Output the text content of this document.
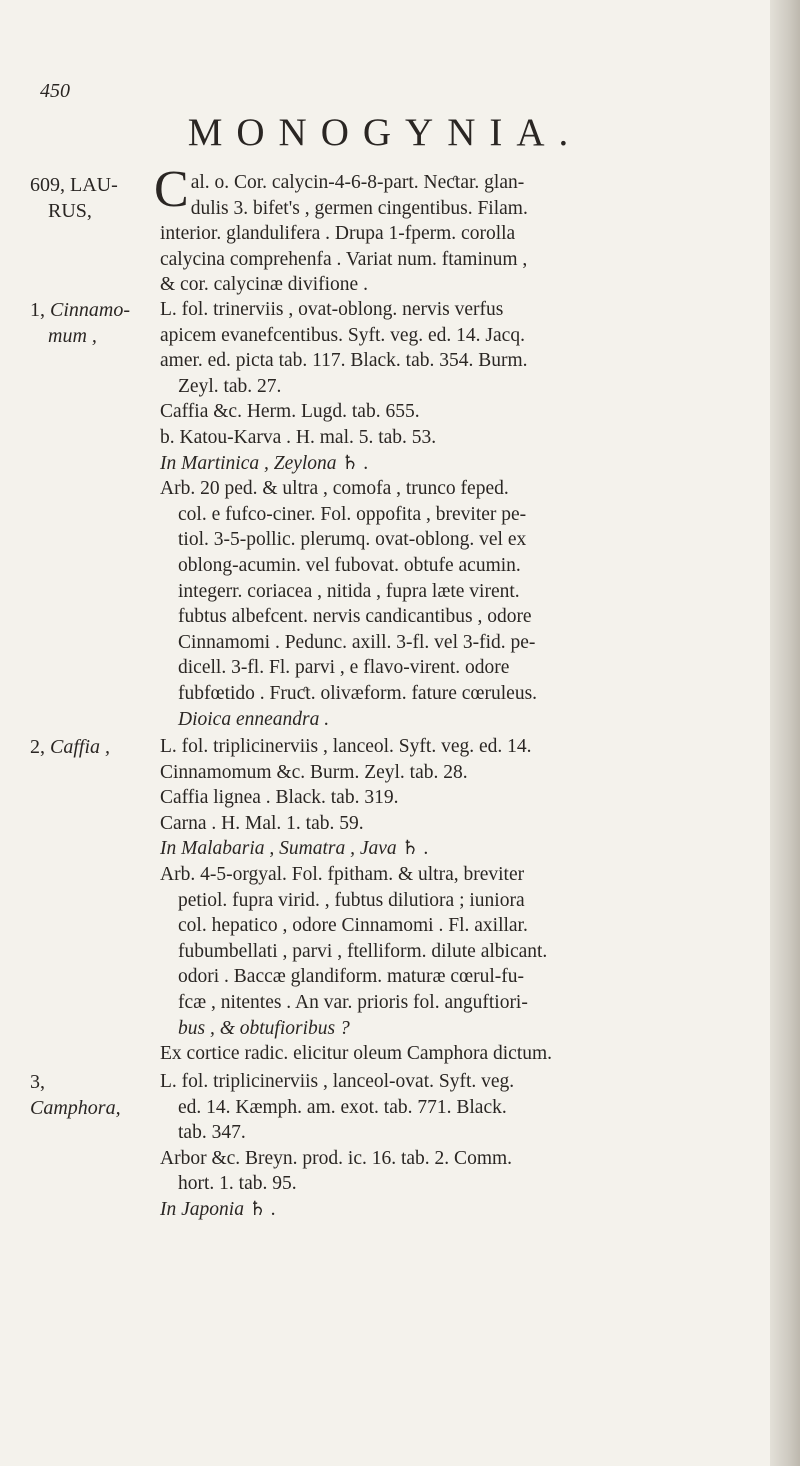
450
MONOGYNIA.
609, LAU-
RUS,	C al. o. Cor. calycin-4-6-8-part. Neƈtar. glan-

dulis 3. bifet's , germen cingentibus. Filam.

interior. glandulifera . Drupa 1-fperm. corolla

calycina comprehenfa . Variat num. ftaminum ,

& cor. calycinæ divifione .

1, Cinnamo-
mum ,

L. fol. trinerviis , ovat-oblong. nervis verfus

apicem evanefcentibus. Syft. veg. ed. 14. Jacq.

amer. ed. picta tab. 117. Black. tab. 354. Burm.

Zeyl. tab. 27.

Caffia &c. Herm. Lugd. tab. 655.

b. Katou-Karva . H. mal. 5. tab. 53.

In Martinica , Zeylona ♄ .

Arb. 20 ped. & ultra , comofa , trunco feped.

col. e fufco-ciner. Fol. oppofita , breviter pe-

tiol. 3-5-pollic. plerumq. ovat-oblong. vel ex

oblong-acumin. vel fubovat. obtufe acumin.

integerr. coriacea , nitida , fupra læte virent.

fubtus albefcent. nervis candicantibus , odore

Cinnamomi . Pedunc. axill. 3-fl. vel 3-fid. pe-

dicell. 3-fl. Fl. parvi , e flavo-virent. odore

fubfœtido . Fruƈt. olivæform. fature cœruleus.

Dioica enneandra .

2, Caffia ,	L. fol. triplicinerviis , lanceol. Syft. veg. ed. 14.

Cinnamomum &c. Burm. Zeyl. tab. 28.

Caffia lignea . Black. tab. 319.

Carna . H. Mal. 1. tab. 59.

In Malabaria , Sumatra , Java ♄ .

Arb. 4-5-orgyal. Fol. fpitham. & ultra, breviter

petiol. fupra virid. , fubtus dilutiora ; iuniora

col. hepatico , odore Cinnamomi . Fl. axillar.

fubumbellati , parvi , ftelliform. dilute albicant.

odori . Baccæ glandiform. maturæ cœrul-fu-

fcæ , nitentes . An var. prioris fol. anguftiori-

bus , & obtufioribus ?

Ex cortice radic. elicitur oleum Camphora dictum.

3, Camphora,

L. fol. triplicinerviis , lanceol-ovat. Syft. veg.

ed. 14. Kæmph. am. exot. tab. 771. Black.

tab. 347.

Arbor &c. Breyn. prod. ic. 16. tab. 2. Comm.

hort. 1. tab. 95.

In Japonia ♄ .
